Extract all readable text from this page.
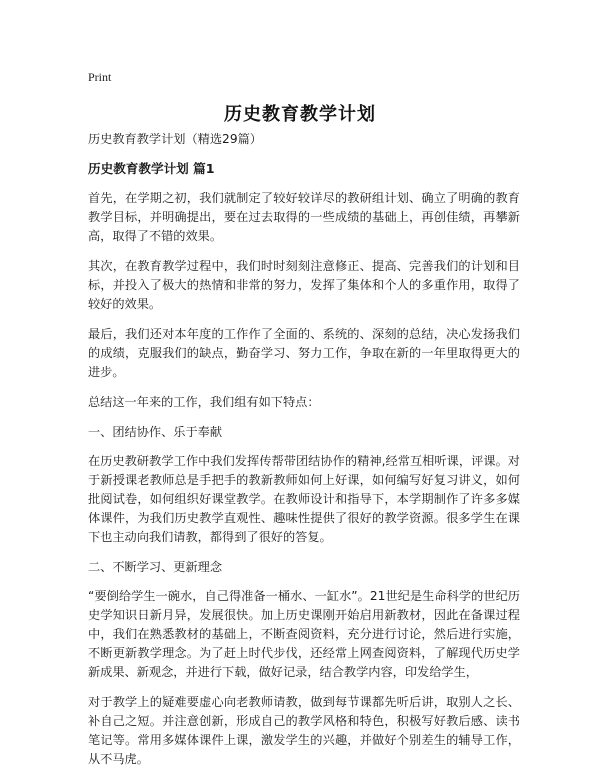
Print
历史教育教学计划
历史教育教学计划（精选29篇）
历史教育教学计划 篇1
首先，在学期之初，我们就制定了较好较详尽的教研组计划、确立了明确的教育教学目标，并明确提出，要在过去取得的一些成绩的基础上，再创佳绩，再攀新高，取得了不错的效果。
其次，在教育教学过程中，我们时时刻刻注意修正、提高、完善我们的计划和目标，并投入了极大的热情和非常的努力，发挥了集体和个人的多重作用，取得了较好的效果。
最后，我们还对本年度的工作作了全面的、系统的、深刻的总结，决心发扬我们的成绩，克服我们的缺点，勤奋学习、努力工作，争取在新的一年里取得更大的进步。
总结这一年来的工作，我们组有如下特点：
一、团结协作、乐于奉献
在历史教研教学工作中我们发挥传帮带团结协作的精神,经常互相听课，评课。对于新授课老教师总是手把手的教新教师如何上好课，如何编写好复习讲义，如何批阅试卷，如何组织好课堂教学。在教师设计和指导下，本学期制作了许多多媒体课件，为我们历史教学直观性、趣味性提供了很好的教学资源。很多学生在课下也主动向我们请教，都得到了很好的答复。
二、不断学习、更新理念
“要倒给学生一碗水，自己得准备一桶水、一缸水”。21世纪是生命科学的世纪历史学知识日新月异，发展很快。加上历史课刚开始启用新教材，因此在备课过程中，我们在熟悉教材的基础上，不断查阅资料，充分进行讨论，然后进行实施，不断更新教学理念。为了赶上时代步伐，还经常上网查阅资料，了解现代历史学新成果、新观念，并进行下载，做好记录，结合教学内容，印发给学生，
对于教学上的疑难要虚心向老教师请教，做到每节课都先听后讲，取别人之长、补自己之短。并注意创新，形成自己的教学风格和特色，积极写好教后感、读书笔记等。常用多媒体课件上课，激发学生的兴趣，并做好个别差生的辅导工作，从不马虎。
